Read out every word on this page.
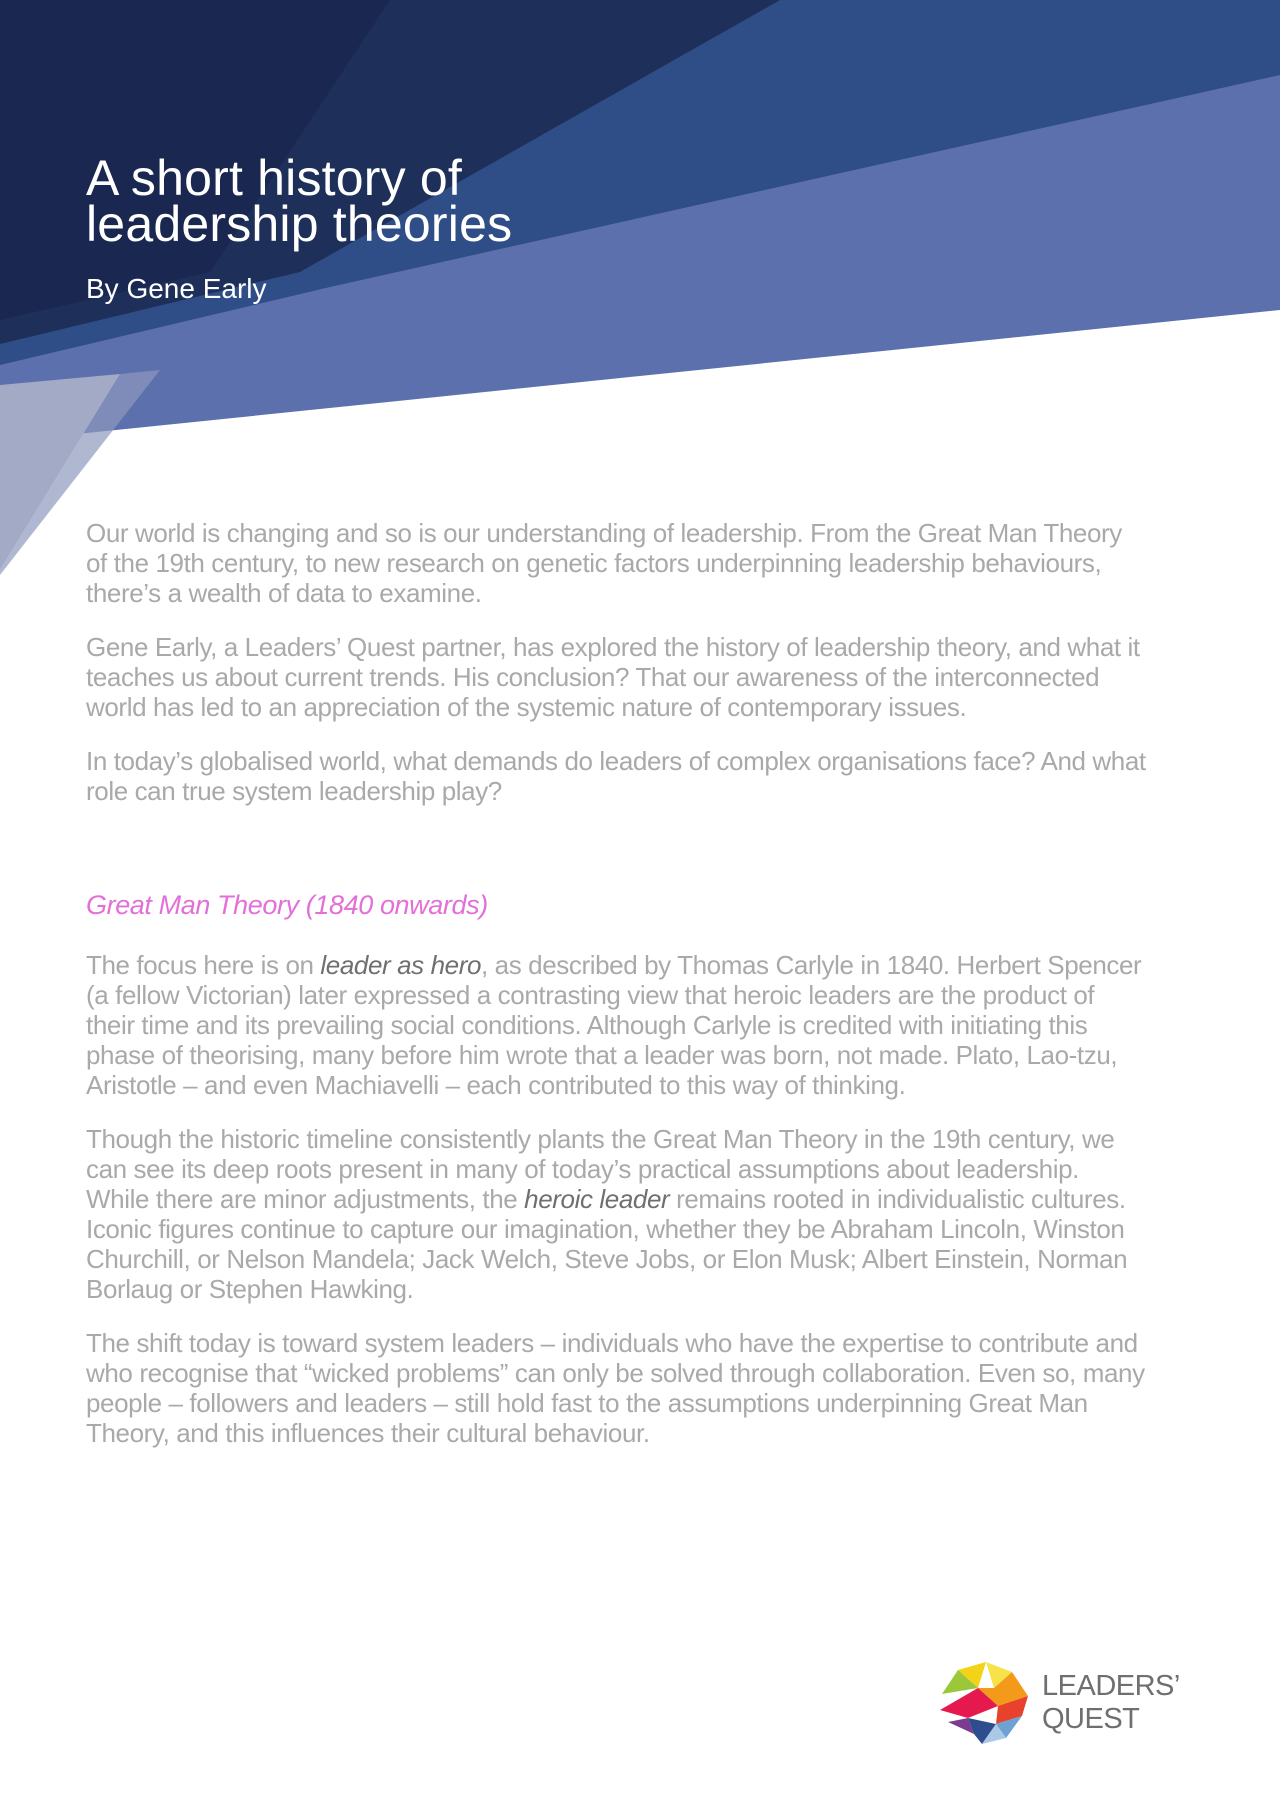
A short history of
leadership theories
By Gene Early

Our world is changing and so is our understanding of leadership. From the Great Man Theory of the 19th century, to new research on genetic factors underpinning leadership behaviours, there’s a wealth of data to examine.

Gene Early, a Leaders’ Quest partner, has explored the history of leadership theory, and what it teaches us about current trends. His conclusion? That our awareness of the interconnected world has led to an appreciation of the systemic nature of contemporary issues.

In today’s globalised world, what demands do leaders of complex organisations face? And what role can true system leadership play?

Great Man Theory (1840 onwards)

The focus here is on leader as hero, as described by Thomas Carlyle in 1840. Herbert Spencer (a fellow Victorian) later expressed a contrasting view that heroic leaders are the product of their time and its prevailing social conditions. Although Carlyle is credited with initiating this phase of theorising, many before him wrote that a leader was born, not made. Plato, Lao-tzu, Aristotle – and even Machiavelli – each contributed to this way of thinking.

Though the historic timeline consistently plants the Great Man Theory in the 19th century, we can see its deep roots present in many of today’s practical assumptions about leadership. While there are minor adjustments, the heroic leader remains rooted in individualistic cultures. Iconic figures continue to capture our imagination, whether they be Abraham Lincoln, Winston Churchill, or Nelson Mandela; Jack Welch, Steve Jobs, or Elon Musk; Albert Einstein, Norman Borlaug or Stephen Hawking.

The shift today is toward system leaders – individuals who have the expertise to contribute and who recognise that “wicked problems” can only be solved through collaboration. Even so, many people – followers and leaders – still hold fast to the assumptions underpinning Great Man Theory, and this influences their cultural behaviour.

LEADERS’
QUEST
